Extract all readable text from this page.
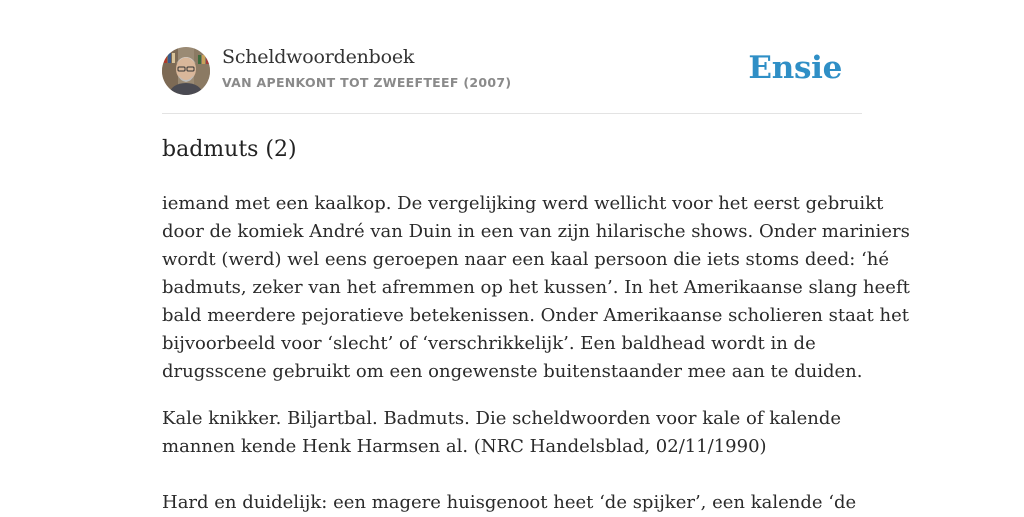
Scheldwoordenboek
VAN APENKONT TOT ZWEEFTEEF (2007)	Ensie
badmuts (2)

iemand met een kaalkop. De vergelijking werd wellicht voor het eerst gebruikt
door de komiek André van Duin in een van zijn hilarische shows. Onder mariniers
wordt (werd) wel eens geroepen naar een kaal persoon die iets stoms deed: ‘hé
badmuts, zeker van het afremmen op het kussen’. In het Amerikaanse slang heeft
bald meerdere pejoratieve betekenissen. Onder Amerikaanse scholieren staat het
bijvoorbeeld voor ‘slecht’ of ‘verschrikkelijk’. Een baldhead wordt in de
drugsscene gebruikt om een ongewenste buitenstaander mee aan te duiden.

Kale knikker. Biljartbal. Badmuts. Die scheldwoorden voor kale of kalende
mannen kende Henk Harmsen al. (NRC Handelsblad, 02/11/1990)

Hard en duidelijk: een magere huisgenoot heet ‘de spijker’, een kalende ‘de
